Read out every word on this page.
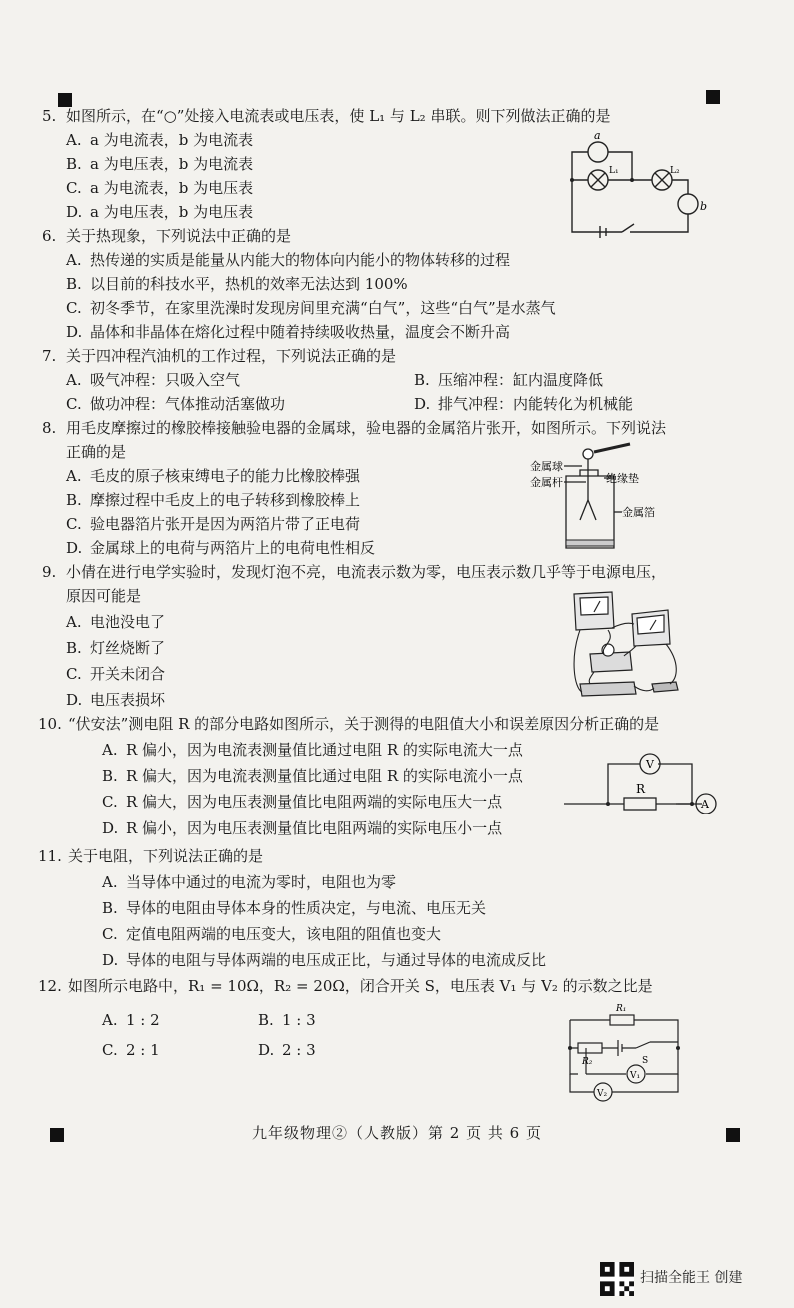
5. 如图所示，在“○”处接入电流表或电压表，使 L₁ 与 L₂ 串联。则下列做法正确的是
A. a 为电流表，b 为电流表
B. a 为电压表，b 为电流表
C. a 为电流表，b 为电压表
D. a 为电压表，b 为电压表
a
L₁	L₂
b
6. 关于热现象，下列说法中正确的是
A. 热传递的实质是能量从内能大的物体向内能小的物体转移的过程
B. 以目前的科技水平，热机的效率无法达到 100%
C. 初冬季节，在家里洗澡时发现房间里充满“白气”，这些“白气”是水蒸气
D. 晶体和非晶体在熔化过程中随着持续吸收热量，温度会不断升高
7. 关于四冲程汽油机的工作过程，下列说法正确的是
A. 吸气冲程：只吸入空气	B. 压缩冲程：缸内温度降低
C. 做功冲程：气体推动活塞做功	D. 排气冲程：内能转化为机械能
8. 用毛皮摩擦过的橡胶棒接触验电器的金属球，验电器的金属箔片张开，如图所示。下列说法
正确的是
A. 毛皮的原子核束缚电子的能力比橡胶棒强
B. 摩擦过程中毛皮上的电子转移到橡胶棒上
C. 验电器箔片张开是因为两箔片带了正电荷
D. 金属球上的电荷与两箔片上的电荷电性相反
金属球
金属杆	绝缘垫
金属箔
9. 小倩在进行电学实验时，发现灯泡不亮，电流表示数为零，电压表示数几乎等于电源电压，
原因可能是
A. 电池没电了
B. 灯丝烧断了
C. 开关未闭合
D. 电压表损坏
10. “伏安法”测电阻 R 的部分电路如图所示，关于测得的电阻值大小和误差原因分析正确的是
A. R 偏小，因为电流表测量值比通过电阻 R 的实际电流大一点
B. R 偏大，因为电流表测量值比通过电阻 R 的实际电流小一点
C. R 偏大，因为电压表测量值比电阻两端的实际电压大一点
D. R 偏小，因为电压表测量值比电阻两端的实际电压小一点
V
R
A
11. 关于电阻，下列说法正确的是
A. 当导体中通过的电流为零时，电阻也为零
B. 导体的电阻由导体本身的性质决定，与电流、电压无关
C. 定值电阻两端的电压变大，该电阻的阻值也变大
D. 导体的电阻与导体两端的电压成正比，与通过导体的电流成反比
12. 如图所示电路中，R₁ = 10Ω，R₂ = 20Ω，闭合开关 S，电压表 V₁ 与 V₂ 的示数之比是
A. 1 : 2	B. 1 : 3
C. 2 : 1	D. 2 : 3
R₁
R₂	S
V₁
V₂
九年级物理②（人教版）第 2 页 共 6 页
扫描全能王 创建
